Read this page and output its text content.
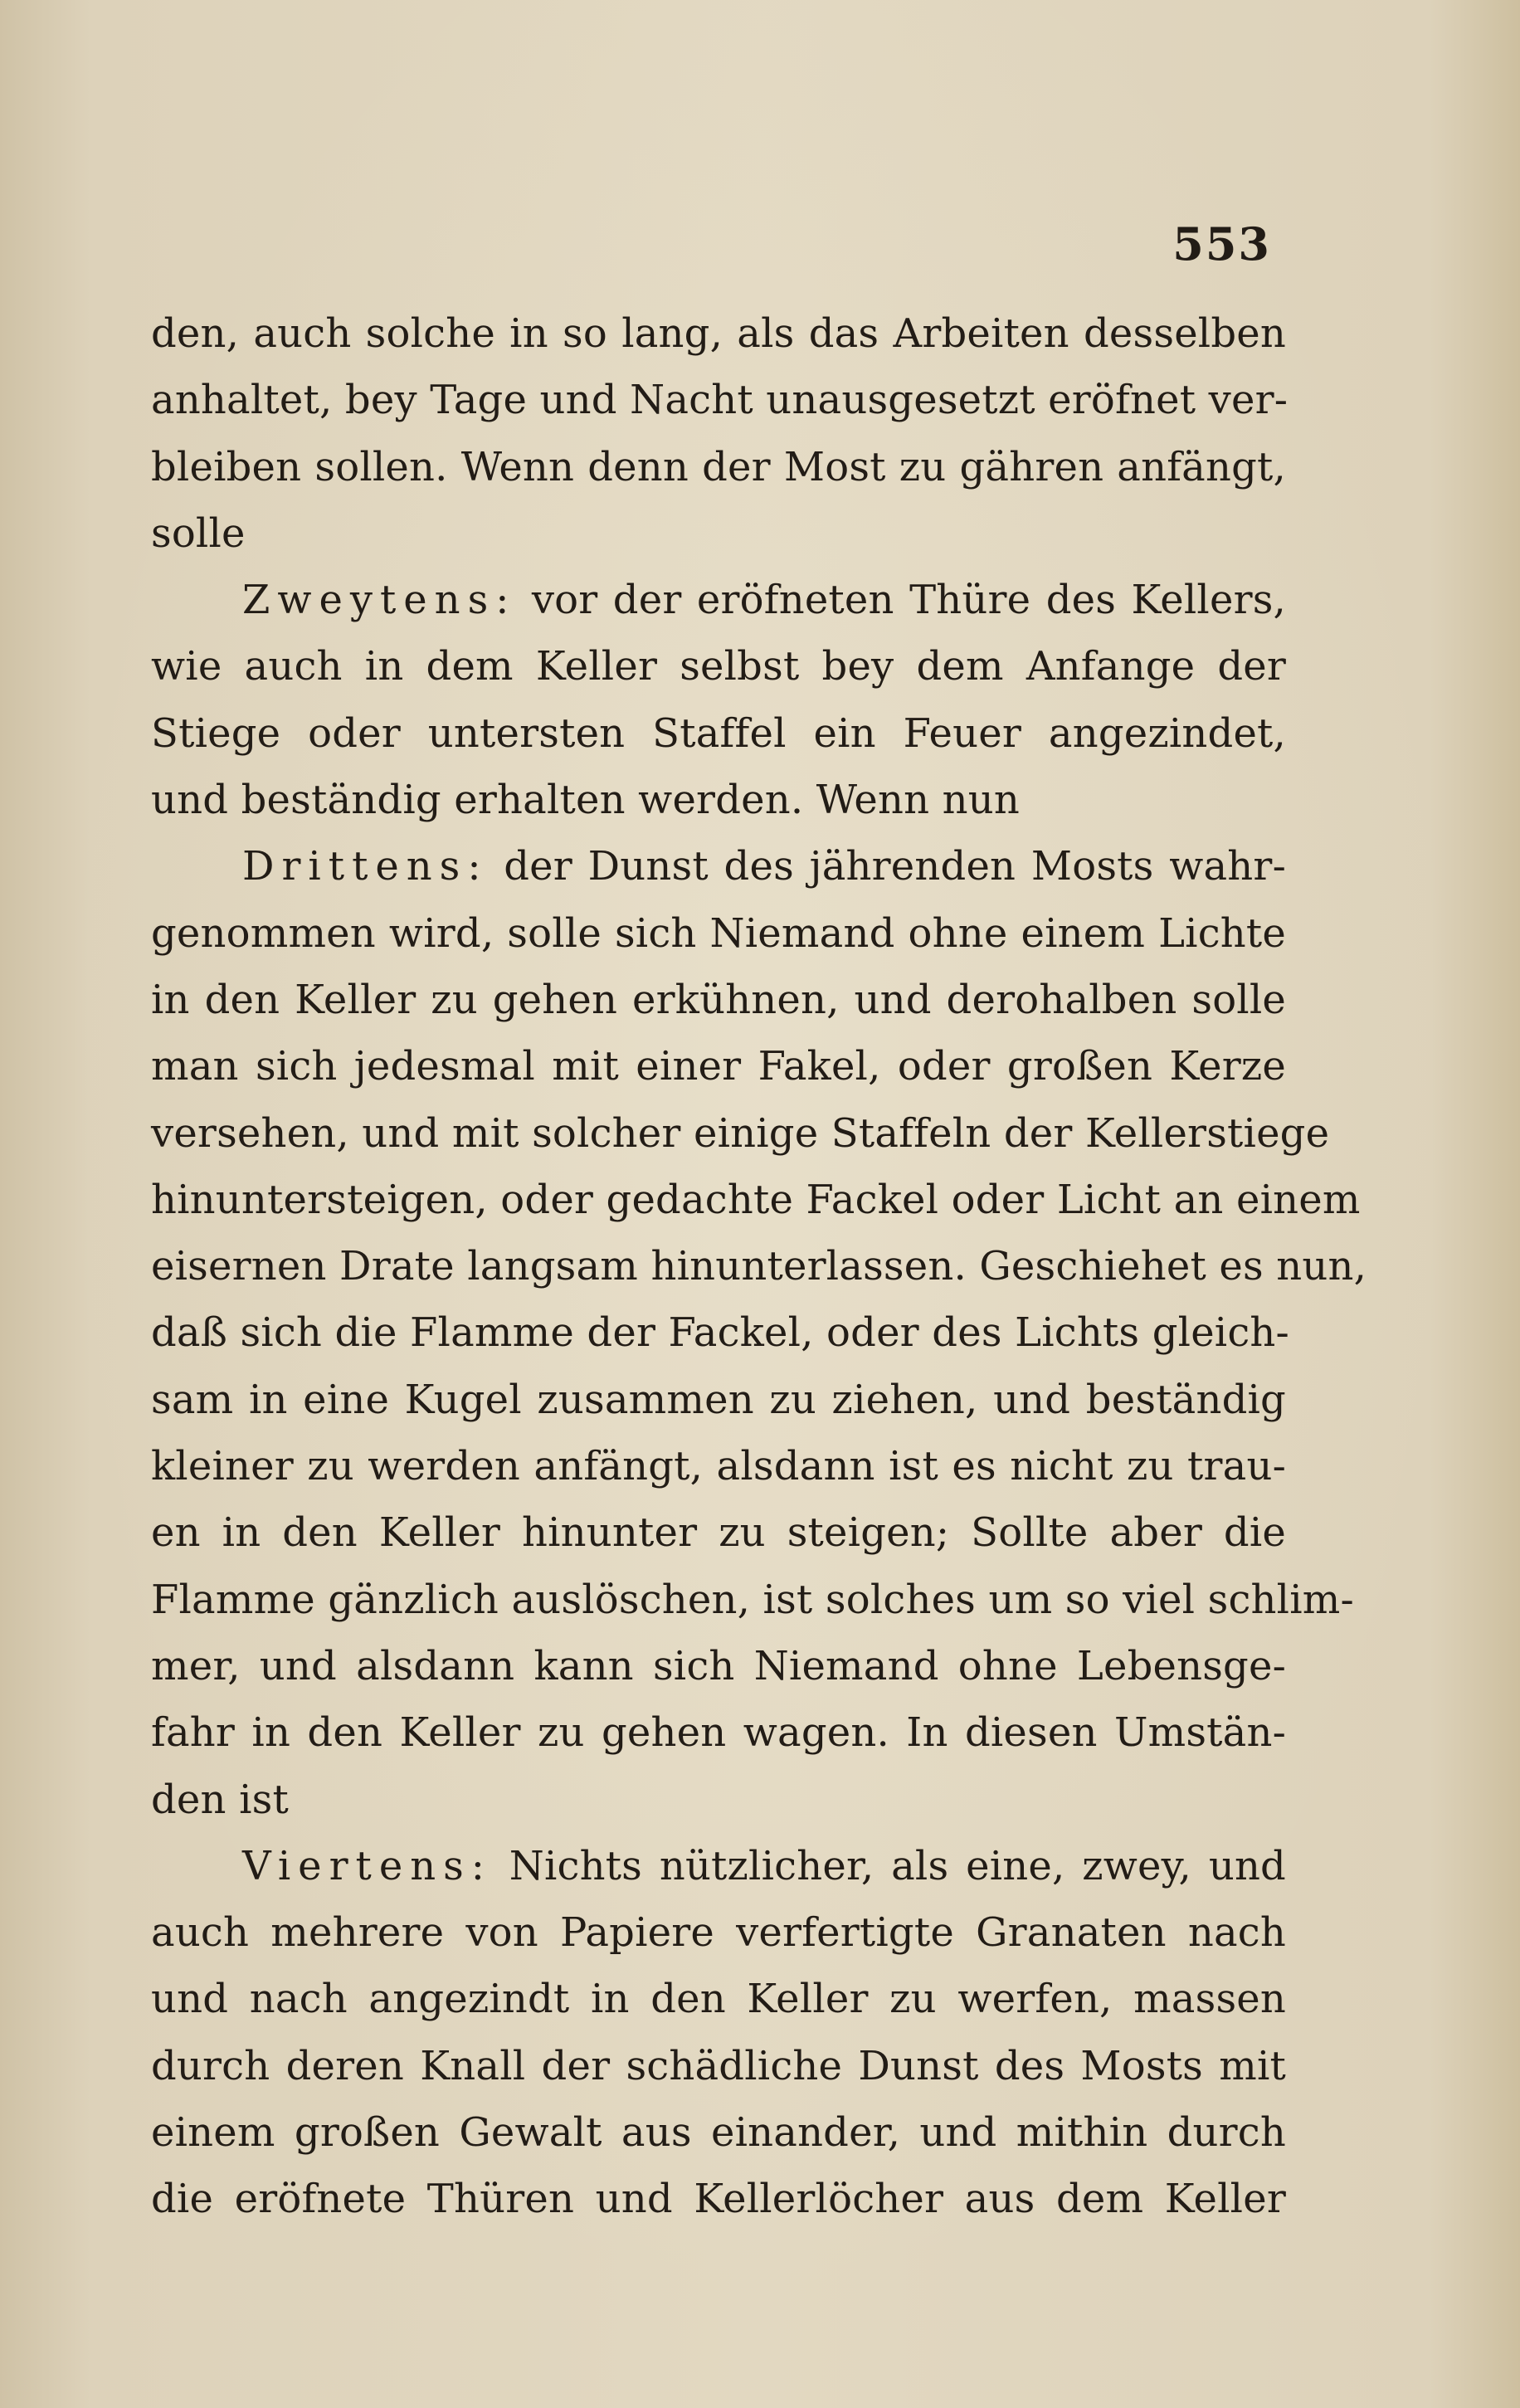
553

den, auch solche in so lang, als das Arbeiten desselben
anhaltet, bey Tage und Nacht unausgesetzt eröfnet ver-
bleiben sollen. Wenn denn der Most zu gähren anfängt,
solle
Zweytens: vor der eröfneten Thüre des Kellers,
wie auch in dem Keller selbst bey dem Anfange der
Stiege oder untersten Staffel ein Feuer angezindet,
und beständig erhalten werden. Wenn nun
Drittens: der Dunst des jährenden Mosts wahr-
genommen wird, solle sich Niemand ohne einem Lichte
in den Keller zu gehen erkühnen, und derohalben solle
man sich jedesmal mit einer Fakel, oder großen Kerze
versehen, und mit solcher einige Staffeln der Kellerstiege
hinuntersteigen, oder gedachte Fackel oder Licht an einem
eisernen Drate langsam hinunterlassen. Geschiehet es nun,
daß sich die Flamme der Fackel, oder des Lichts gleich-
sam in eine Kugel zusammen zu ziehen, und beständig
kleiner zu werden anfängt, alsdann ist es nicht zu trau-
en in den Keller hinunter zu steigen; Sollte aber die
Flamme gänzlich auslöschen, ist solches um so viel schlim-
mer, und alsdann kann sich Niemand ohne Lebensge-
fahr in den Keller zu gehen wagen. In diesen Umstän-
den ist
Viertens: Nichts nützlicher, als eine, zwey, und
auch mehrere von Papiere verfertigte Granaten nach
und nach angezindt in den Keller zu werfen, massen
durch deren Knall der schädliche Dunst des Mosts mit
einem großen Gewalt aus einander, und mithin durch
die eröfnete Thüren und Kellerlöcher aus dem Keller
